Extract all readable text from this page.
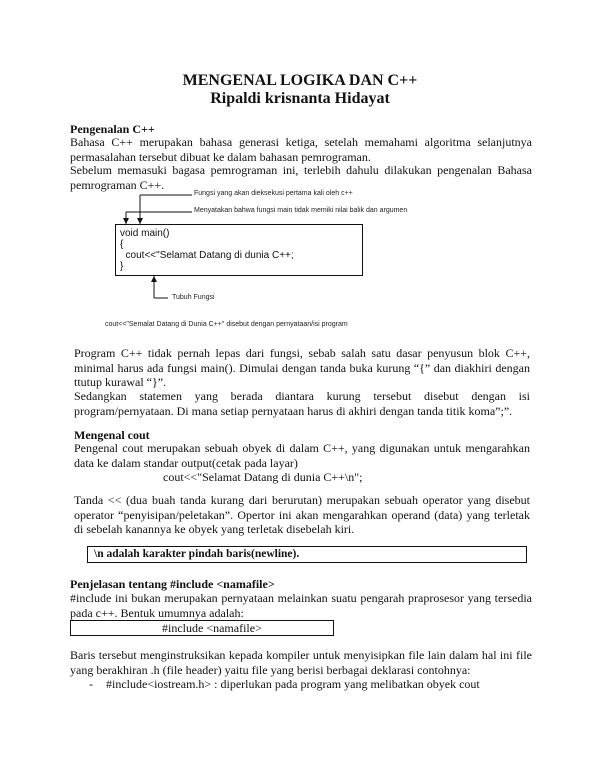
MENGENAL LOGIKA DAN C++
Ripaldi krisnanta Hidayat
Pengenalan C++
Bahasa C++ merupakan bahasa generasi ketiga, setelah memahami algoritma selanjutnya permasalahan tersebut dibuat ke dalam bahasan pemrograman.
Sebelum memasuki bagasa pemrograman ini, terlebih dahulu dilakukan pengenalan Bahasa pemrograman C++.
Fungsi yang akan dieksekusi pertama kali oleh c++
Menyatakan bahwa fungsi main tidak memiki nilai balik dan argumen
void main()
{
cout<<"Selamat Datang di dunia C++;
}
Tubuh Fungsi
cout<<"Semalat Datang di Dunia C++" disebut dengan pernyataan/isi program
Program C++ tidak pernah lepas dari fungsi, sebab salah satu dasar penyusun blok C++, minimal harus ada fungsi main(). Dimulai dengan tanda buka kurung “{” dan diakhiri dengan ttutup kurawal “}”.
Sedangkan statemen yang berada diantara kurung tersebut disebut dengan isi program/pernyataan. Di mana setiap pernyataan harus di akhiri dengan tanda titik koma”;”.
Mengenal cout
Pengenal cout merupakan sebuah obyek di dalam C++, yang digunakan untuk mengarahkan data ke dalam standar output(cetak pada layar)
cout<<"Selamat Datang di dunia C++\n";
Tanda << (dua buah tanda kurang dari berurutan) merupakan sebuah operator yang disebut operator “penyisipan/peletakan”. Opertor ini akan mengarahkan operand (data) yang terletak di sebelah kanannya ke obyek yang terletak disebelah kiri.
\n adalah karakter pindah baris(newline).
Penjelasan tentang #include <namafile>
#include ini bukan merupakan pernyataan melainkan suatu pengarah praprosesor yang tersedia pada c++. Bentuk umumnya adalah:
#include <namafile>
Baris tersebut menginstruksikan kepada kompiler untuk menyisipkan file lain dalam hal ini file yang berakhiran .h (file header) yaitu file yang berisi berbagai deklarasi contohnya:
- #include<iostream.h> : diperlukan pada program yang melibatkan obyek cout
